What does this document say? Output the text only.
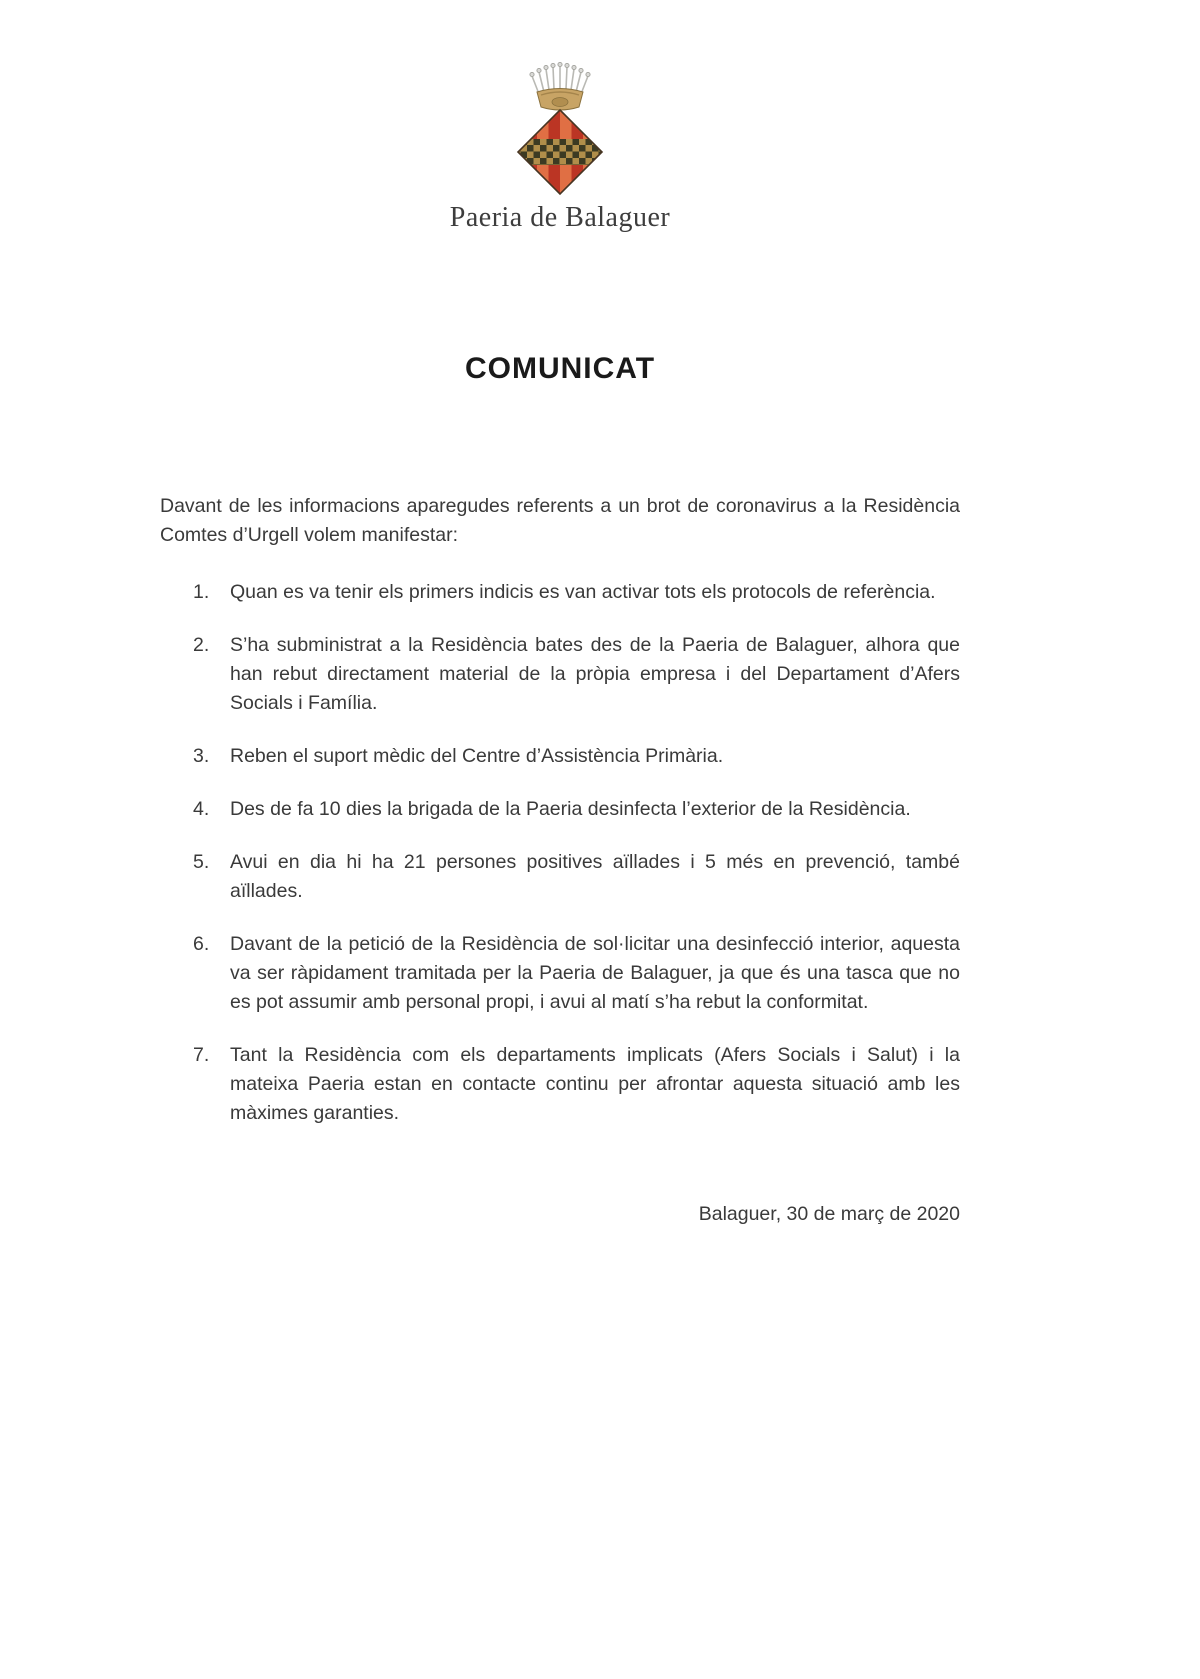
Paeria de Balaguer
COMUNICAT

Davant de les informacions aparegudes referents a un brot de coronavirus a la Residència Comtes d’Urgell volem manifestar:

1.	Quan es va tenir els primers indicis es van activar tots els protocols de referència.
2.	S’ha subministrat a la Residència bates des de la Paeria de Balaguer, alhora que han rebut directament material de la pròpia empresa i del Departament d’Afers Socials i Família.
3.	Reben el suport mèdic del Centre d’Assistència Primària.
4.	Des de fa 10 dies la brigada de la Paeria desinfecta l’exterior de la Residència.
5.	Avui en dia hi ha 21 persones positives aïllades i 5 més en prevenció, també aïllades.
6.	Davant de la petició de la Residència de sol·licitar una desinfecció interior, aquesta va ser ràpidament tramitada per la Paeria de Balaguer, ja que és una tasca que no es pot assumir amb personal propi, i avui al matí s’ha rebut la conformitat.
7.	Tant la Residència com els departaments implicats (Afers Socials i Salut) i la mateixa Paeria estan en contacte continu per afrontar aquesta situació amb les màximes garanties.
Balaguer, 30 de març de 2020
